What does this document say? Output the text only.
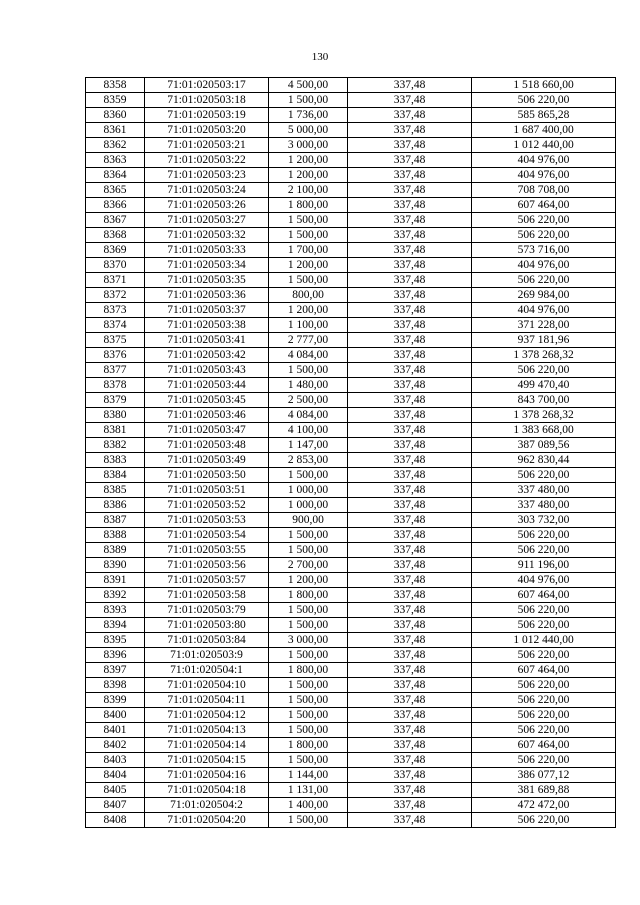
130
8358	71:01:020503:17	4 500,00	337,48	1 518 660,00
8359	71:01:020503:18	1 500,00	337,48	506 220,00
8360	71:01:020503:19	1 736,00	337,48	585 865,28
8361	71:01:020503:20	5 000,00	337,48	1 687 400,00
8362	71:01:020503:21	3 000,00	337,48	1 012 440,00
8363	71:01:020503:22	1 200,00	337,48	404 976,00
8364	71:01:020503:23	1 200,00	337,48	404 976,00
8365	71:01:020503:24	2 100,00	337,48	708 708,00
8366	71:01:020503:26	1 800,00	337,48	607 464,00
8367	71:01:020503:27	1 500,00	337,48	506 220,00
8368	71:01:020503:32	1 500,00	337,48	506 220,00
8369	71:01:020503:33	1 700,00	337,48	573 716,00
8370	71:01:020503:34	1 200,00	337,48	404 976,00
8371	71:01:020503:35	1 500,00	337,48	506 220,00
8372	71:01:020503:36	800,00	337,48	269 984,00
8373	71:01:020503:37	1 200,00	337,48	404 976,00
8374	71:01:020503:38	1 100,00	337,48	371 228,00
8375	71:01:020503:41	2 777,00	337,48	937 181,96
8376	71:01:020503:42	4 084,00	337,48	1 378 268,32
8377	71:01:020503:43	1 500,00	337,48	506 220,00
8378	71:01:020503:44	1 480,00	337,48	499 470,40
8379	71:01:020503:45	2 500,00	337,48	843 700,00
8380	71:01:020503:46	4 084,00	337,48	1 378 268,32
8381	71:01:020503:47	4 100,00	337,48	1 383 668,00
8382	71:01:020503:48	1 147,00	337,48	387 089,56
8383	71:01:020503:49	2 853,00	337,48	962 830,44
8384	71:01:020503:50	1 500,00	337,48	506 220,00
8385	71:01:020503:51	1 000,00	337,48	337 480,00
8386	71:01:020503:52	1 000,00	337,48	337 480,00
8387	71:01:020503:53	900,00	337,48	303 732,00
8388	71:01:020503:54	1 500,00	337,48	506 220,00
8389	71:01:020503:55	1 500,00	337,48	506 220,00
8390	71:01:020503:56	2 700,00	337,48	911 196,00
8391	71:01:020503:57	1 200,00	337,48	404 976,00
8392	71:01:020503:58	1 800,00	337,48	607 464,00
8393	71:01:020503:79	1 500,00	337,48	506 220,00
8394	71:01:020503:80	1 500,00	337,48	506 220,00
8395	71:01:020503:84	3 000,00	337,48	1 012 440,00
8396	71:01:020503:9	1 500,00	337,48	506 220,00
8397	71:01:020504:1	1 800,00	337,48	607 464,00
8398	71:01:020504:10	1 500,00	337,48	506 220,00
8399	71:01:020504:11	1 500,00	337,48	506 220,00
8400	71:01:020504:12	1 500,00	337,48	506 220,00
8401	71:01:020504:13	1 500,00	337,48	506 220,00
8402	71:01:020504:14	1 800,00	337,48	607 464,00
8403	71:01:020504:15	1 500,00	337,48	506 220,00
8404	71:01:020504:16	1 144,00	337,48	386 077,12
8405	71:01:020504:18	1 131,00	337,48	381 689,88
8407	71:01:020504:2	1 400,00	337,48	472 472,00
8408	71:01:020504:20	1 500,00	337,48	506 220,00
